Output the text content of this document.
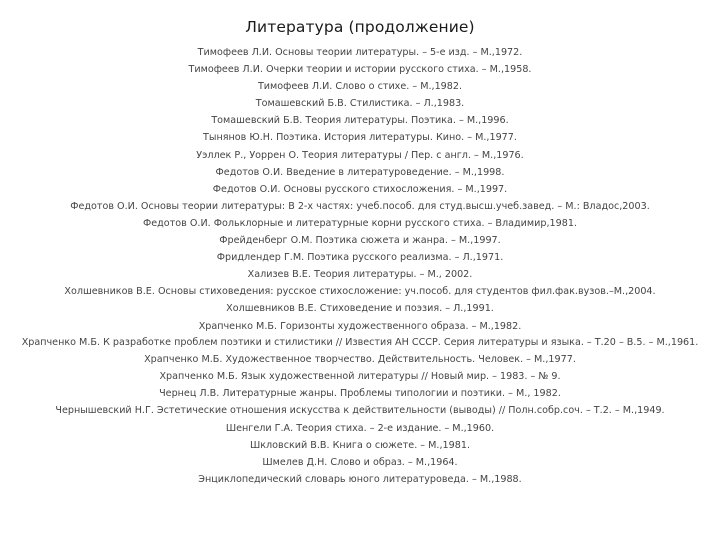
Литература (продолжение)
Тимофеев Л.И. Основы теории литературы. – 5-е изд. – М.,1972.
Тимофеев Л.И. Очерки теории и истории русского стиха. – М.,1958.
Тимофеев Л.И. Слово о стихе. – М.,1982.
Томашевский Б.В. Стилистика. – Л.,1983.
Томашевский Б.В. Теория литературы. Поэтика. – М.,1996.
Тынянов Ю.Н. Поэтика. История литературы. Кино. – М.,1977.
Уэллек Р., Уоррен О. Теория литературы / Пер. с англ. – М.,1976.
Федотов О.И. Введение в литературоведение. – М.,1998.
Федотов О.И. Основы русского стихосложения. – М.,1997.
Федотов О.И. Основы теории литературы: В 2-х частях: учеб.пособ. для студ.высш.учеб.завед. – М.: Владос,2003.
Федотов О.И. Фольклорные и литературные корни русского стиха. – Владимир,1981.
Фрейденберг О.М. Поэтика сюжета и жанра. – М.,1997.
Фридлендер Г.М. Поэтика русского реализма. – Л.,1971.
Хализев В.Е. Теория литературы. – М., 2002.
Холшевников В.Е. Основы стиховедения: русское стихосложение: уч.пособ. для студентов фил.фак.вузов.–М.,2004.
Холшевников В.Е. Стиховедение и поэзия. – Л.,1991.
Храпченко М.Б. Горизонты художественного образа. – М.,1982.
Храпченко М.Б. К разработке проблем поэтики и стилистики // Известия АН СССР. Серия литературы и языка. – Т.20 – В.5. – М.,1961.
Храпченко М.Б. Художественное творчество. Действительность. Человек. – М.,1977.
Храпченко М.Б. Язык художественной литературы // Новый мир. – 1983. – № 9.
Чернец Л.В. Литературные жанры. Проблемы типологии и поэтики. – М., 1982.
Чернышевский Н.Г. Эстетические отношения искусства к действительности (выводы) // Полн.собр.соч. – Т.2. – М.,1949.
Шенгели Г.А. Теория стиха. – 2-е издание. – М.,1960.
Шкловский В.В. Книга о сюжете. – М.,1981.
Шмелев Д.Н. Слово и образ. – М.,1964.
Энциклопедический словарь юного литературоведа. – М.,1988.
